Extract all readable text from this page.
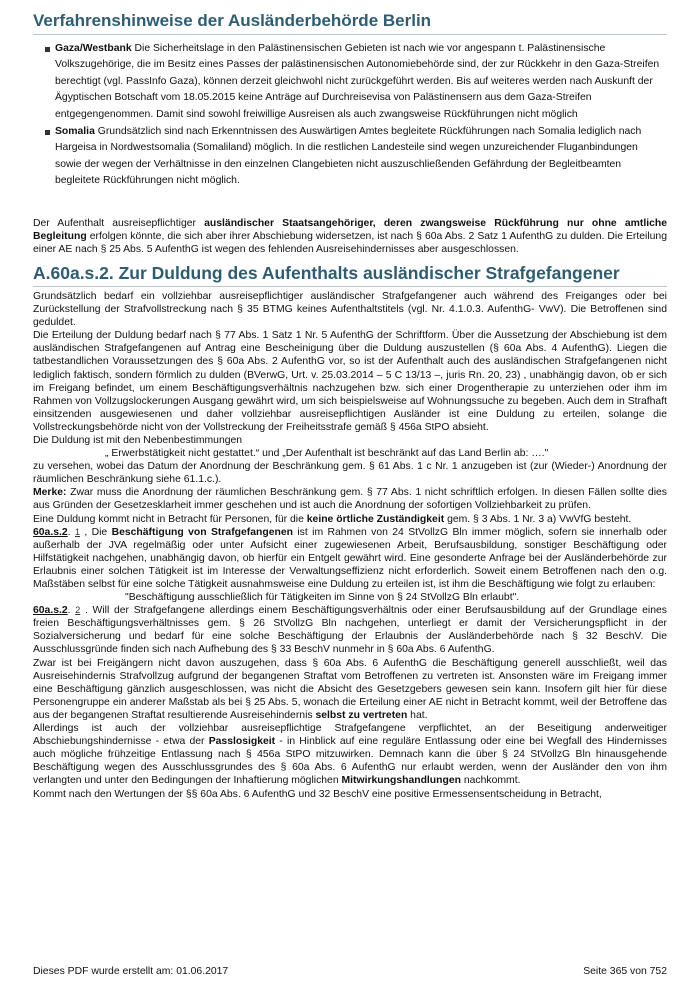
Verfahrenshinweise der Ausländerbehörde Berlin
Gaza/Westbank Die Sicherheitslage in den Palästinensischen Gebieten ist nach wie vor angespann t. Palästinensische Volkszugehörige, die im Besitz eines Passes der palästinensischen Autonomiebehörde sind, der zur Rückkehr in den Gaza-Streifen berechtigt (vgl. PassInfo Gaza), können derzeit gleichwohl nicht zurückgeführt werden. Bis auf weiteres werden nach Auskunft der Ägyptischen Botschaft vom 18.05.2015 keine Anträge auf Durchreisevisa von Palästinensern aus dem Gaza-Streifen entgegengenommen. Damit sind sowohl freiwillige Ausreisen als auch zwangsweise Rückführungen nicht möglich
Somalia Grundsätzlich sind nach Erkenntnissen des Auswärtigen Amtes begleitete Rückführungen nach Somalia lediglich nach Hargeisa in Nordwestsomalia (Somaliland) möglich. In die restlichen Landesteile sind wegen unzureichender Fluganbindungen sowie der wegen der Verhältnisse in den einzelnen Clangebieten nicht auszuschließenden Gefährdung der Begleitbeamten begleitete Rückführungen nicht möglich.

Der Aufenthalt ausreisepflichtiger ausländischer Staatsangehöriger, deren zwangsweise Rückführung nur ohne amtliche Begleitung erfolgen könnte, die sich aber ihrer Abschiebung widersetzen, ist nach § 60a Abs. 2 Satz 1 AufenthG zu dulden. Die Erteilung einer AE nach § 25 Abs. 5 AufenthG ist wegen des fehlenden Ausreisehindernisses aber ausgeschlossen.

A.60a.s.2. Zur Duldung des Aufenthalts ausländischer Strafgefangener

Grundsätzlich bedarf ein vollziehbar ausreisepflichtiger ausländischer Strafgefangener auch während des Freiganges oder bei Zurückstellung der Strafvollstreckung nach § 35 BTMG keines Aufenthaltstitels (vgl. Nr. 4.1.0.3. AufenthG- VwV). Die Betroffenen sind geduldet.

Die Erteilung der Duldung bedarf nach § 77 Abs. 1 Satz 1 Nr. 5 AufenthG der Schriftform. Über die Aussetzung der Abschiebung ist dem ausländischen Strafgefangenen auf Antrag eine Bescheinigung über die Duldung auszustellen (§ 60a Abs. 4 AufenthG). Liegen die tatbestandlichen Voraussetzungen des § 60a Abs. 2 AufenthG vor, so ist der Aufenthalt auch des ausländischen Strafgefangenen nicht lediglich faktisch, sondern förmlich zu dulden (BVerwG, Urt. v. 25.03.2014 – 5 C 13/13 –, juris Rn. 20, 23) , unabhängig davon, ob er sich im Freigang befindet, um einem Beschäftigungsverhältnis nachzugehen bzw. sich einer Drogentherapie zu unterziehen oder ihm im Rahmen von Vollzugslockerungen Ausgang gewährt wird, um sich beispielsweise auf Wohnungssuche zu begeben. Auch dem in Strafhaft einsitzenden ausgewiesenen und daher vollziehbar ausreisepflichtigen Ausländer ist eine Duldung zu erteilen, solange die Vollstreckungsbehörde nicht von der Vollstreckung der Freiheitsstrafe gemäß § 456a StPO absieht.

Die Duldung ist mit den Nebenbestimmungen

„ Erwerbstätigkeit nicht gestattet.“ und „Der Aufenthalt ist beschränkt auf das Land Berlin ab: …."

zu versehen, wobei das Datum der Anordnung der Beschränkung gem. § 61 Abs. 1 c Nr. 1 anzugeben ist (zur (Wieder-) Anordnung der räumlichen Beschränkung siehe 61.1.c.).

Merke: Zwar muss die Anordnung der räumlichen Beschränkung gem. § 77 Abs. 1 nicht schriftlich erfolgen. In diesen Fällen sollte dies aus Gründen der Gesetzesklarheit immer geschehen und ist auch die Anordnung der sofortigen Vollziehbarkeit zu prüfen.

Eine Duldung kommt nicht in Betracht für Personen, für die keine örtliche Zuständigkeit gem. § 3 Abs. 1 Nr. 3 a) VwVfG besteht.

60a.s.2. 1 , Die Beschäftigung von Strafgefangenen ist im Rahmen von 24 StVollzG Bln immer möglich, sofern sie innerhalb oder außerhalb der JVA regelmäßig oder unter Aufsicht einer zugewiesenen Arbeit, Berufsausbildung, sonstiger Beschäftigung oder Hilfstätigkeit nachgehen, unabhängig davon, ob hierfür ein Entgelt gewährt wird. Eine gesonderte Anfrage bei der Ausländerbehörde zur Erlaubnis einer solchen Tätigkeit ist im Interesse der Verwaltungseffizienz nicht erforderlich. Soweit einem Betroffenen nach den o.g. Maßstäben selbst für eine solche Tätigkeit ausnahmsweise eine Duldung zu erteilen ist, ist ihm die Beschäftigung wie folgt zu erlauben:

"Beschäftigung ausschließlich für Tätigkeiten im Sinne von § 24 StVollzG Bln erlaubt".

60a.s.2. 2 . Will der Strafgefangene allerdings einem Beschäftigungsverhältnis oder einer Berufsausbildung auf der Grundlage eines freien Beschäftigungsverhältnisses gem. § 26 StVollzG Bln nachgehen, unterliegt er damit der Versicherungspflicht in der Sozialversicherung und bedarf für eine solche Beschäftigung der Erlaubnis der Ausländerbehörde nach § 32 BeschV. Die Ausschlussgründe finden sich nach Aufhebung des § 33 BeschV nunmehr in § 60a Abs. 6 AufenthG.

Zwar ist bei Freigängern nicht davon auszugehen, dass § 60a Abs. 6 AufenthG die Beschäftigung generell ausschließt, weil das Ausreisehindernis Strafvollzug aufgrund der begangenen Straftat vom Betroffenen zu vertreten ist. Ansonsten wäre im Freigang immer eine Beschäftigung gänzlich ausgeschlossen, was nicht die Absicht des Gesetzgebers gewesen sein kann. Insofern gilt hier für diese Personengruppe ein anderer Maßstab als bei § 25 Abs. 5, wonach die Erteilung einer AE nicht in Betracht kommt, weil der Betroffene das aus der begangenen Straftat resultierende Ausreisehindernis selbst zu vertreten hat.

Allerdings ist auch der vollziehbar ausreisepflichtige Strafgefangene verpflichtet, an der Beseitigung anderweitiger Abschiebungshindernisse - etwa der Passlosigkeit - in Hinblick auf eine reguläre Entlassung oder eine bei Wegfall des Hindernisses auch mögliche frühzeitige Entlassung nach § 456a StPO mitzuwirken. Demnach kann die über § 24 StVollzG Bln hinausgehende Beschäftigung wegen des Ausschlussgrundes des § 60a Abs. 6 AufenthG nur erlaubt werden, wenn der Ausländer den von ihm verlangten und unter den Bedingungen der Inhaftierung möglichen Mitwirkungshandlungen nachkommt.

Kommt nach den Wertungen der §§ 60a Abs. 6 AufenthG und 32 BeschV eine positive Ermessensentscheidung in Betracht,

Dieses PDF wurde erstellt am: 01.06.2017	Seite 365 von 752
